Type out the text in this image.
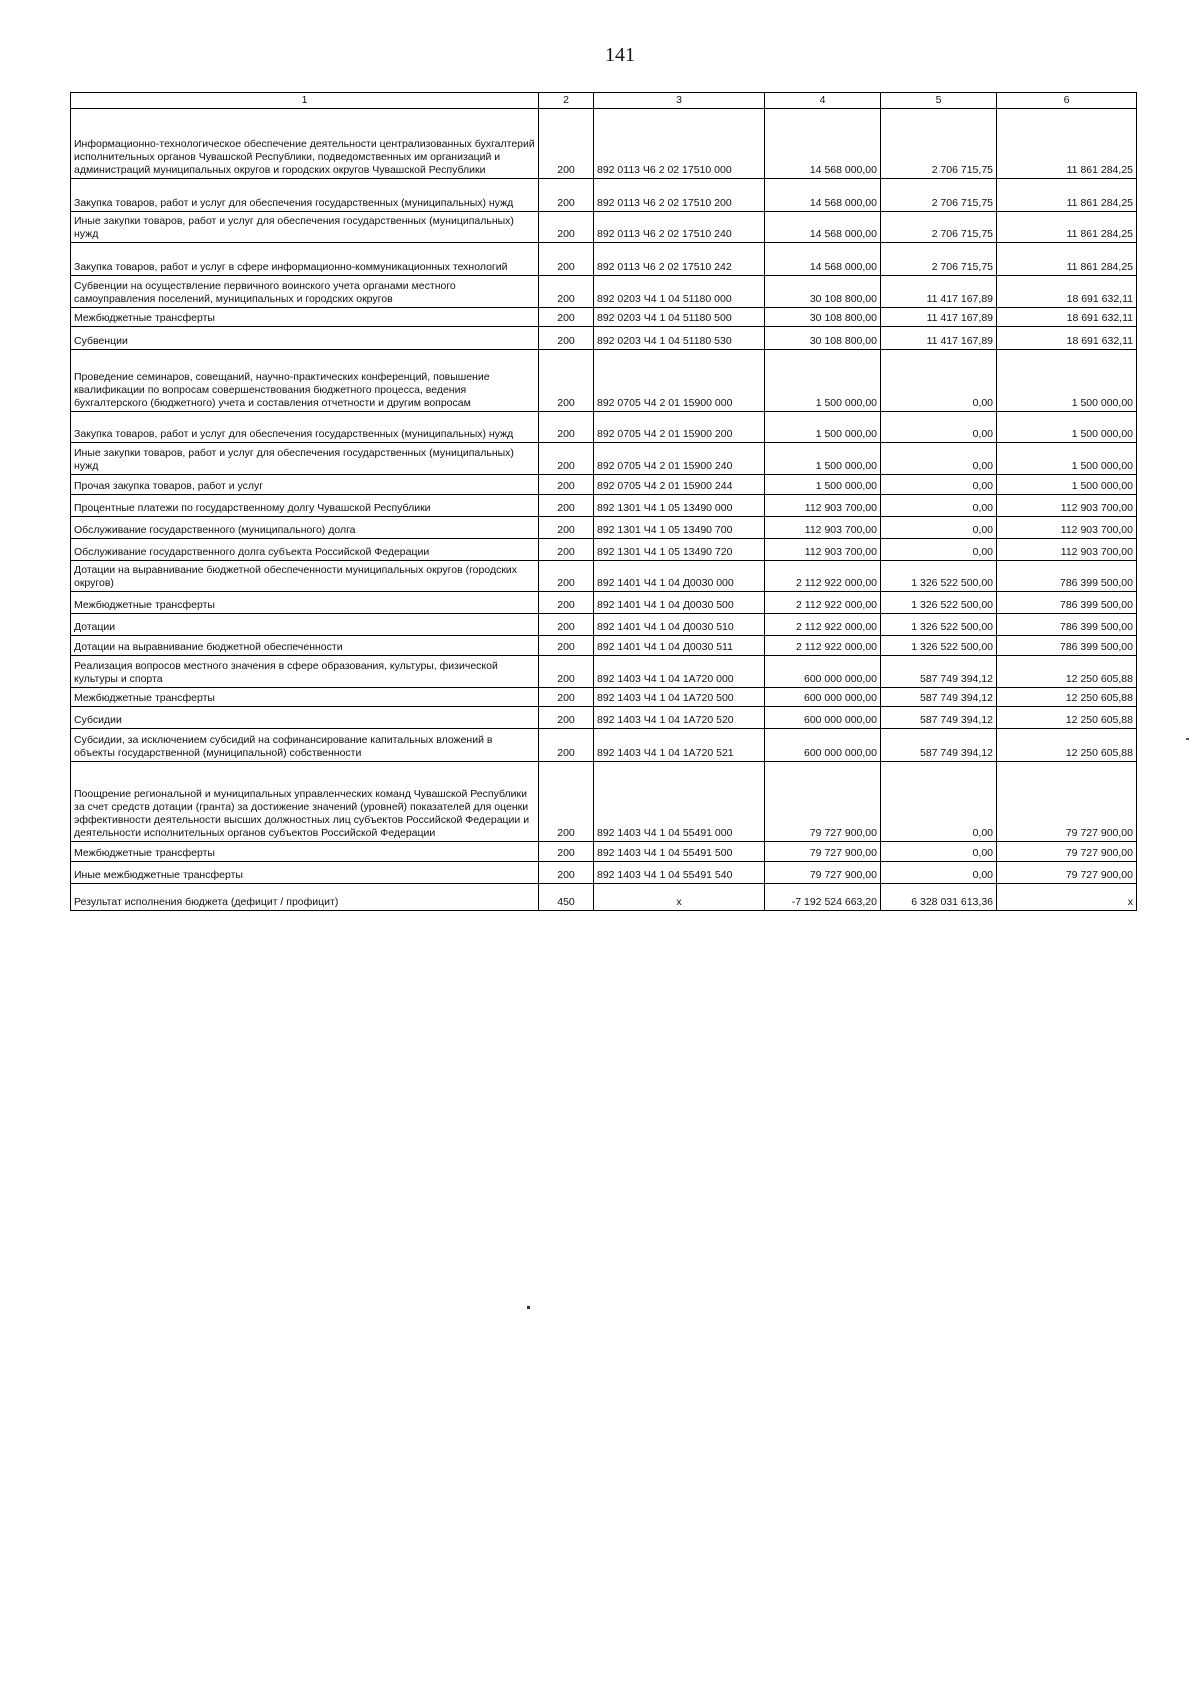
141
1	2	3	4	5	6
Информационно-технологическое обеспечение деятельности централизованных бухгалтерий исполнительных органов Чувашской Республики, подведомственных им организаций и администраций муниципальных округов и городских округов Чувашской Республики	200	892 0113 Ч6 2 02 17510 000	14 568 000,00	2 706 715,75	11 861 284,25
Закупка товаров, работ и услуг для обеспечения государственных (муниципальных) нужд	200	892 0113 Ч6 2 02 17510 200	14 568 000,00	2 706 715,75	11 861 284,25
Иные закупки товаров, работ и услуг для обеспечения государственных (муниципальных) нужд	200	892 0113 Ч6 2 02 17510 240	14 568 000,00	2 706 715,75	11 861 284,25
Закупка товаров, работ и услуг в сфере информационно-коммуникационных технологий	200	892 0113 Ч6 2 02 17510 242	14 568 000,00	2 706 715,75	11 861 284,25
Субвенции на осуществление первичного воинского учета органами местного самоуправления поселений, муниципальных и городских округов	200	892 0203 Ч4 1 04 51180 000	30 108 800,00	11 417 167,89	18 691 632,11
Межбюджетные трансферты	200	892 0203 Ч4 1 04 51180 500	30 108 800,00	11 417 167,89	18 691 632,11
Субвенции	200	892 0203 Ч4 1 04 51180 530	30 108 800,00	11 417 167,89	18 691 632,11
Проведение семинаров, совещаний, научно-практических конференций, повышение квалификации по вопросам совершенствования бюджетного процесса, ведения бухгалтерского (бюджетного) учета и составления отчетности и другим вопросам	200	892 0705 Ч4 2 01 15900 000	1 500 000,00	0,00	1 500 000,00
Закупка товаров, работ и услуг для обеспечения государственных (муниципальных) нужд	200	892 0705 Ч4 2 01 15900 200	1 500 000,00	0,00	1 500 000,00
Иные закупки товаров, работ и услуг для обеспечения государственных (муниципальных) нужд	200	892 0705 Ч4 2 01 15900 240	1 500 000,00	0,00	1 500 000,00
Прочая закупка товаров, работ и услуг	200	892 0705 Ч4 2 01 15900 244	1 500 000,00	0,00	1 500 000,00
Процентные платежи по государственному долгу Чувашской Республики	200	892 1301 Ч4 1 05 13490 000	112 903 700,00	0,00	112 903 700,00
Обслуживание государственного (муниципального) долга	200	892 1301 Ч4 1 05 13490 700	112 903 700,00	0,00	112 903 700,00
Обслуживание государственного долга субъекта Российской Федерации	200	892 1301 Ч4 1 05 13490 720	112 903 700,00	0,00	112 903 700,00
Дотации на выравнивание бюджетной обеспеченности муниципальных округов (городских округов)	200	892 1401 Ч4 1 04 Д0030 000	2 112 922 000,00	1 326 522 500,00	786 399 500,00
Межбюджетные трансферты	200	892 1401 Ч4 1 04 Д0030 500	2 112 922 000,00	1 326 522 500,00	786 399 500,00
Дотации	200	892 1401 Ч4 1 04 Д0030 510	2 112 922 000,00	1 326 522 500,00	786 399 500,00
Дотации на выравнивание бюджетной обеспеченности	200	892 1401 Ч4 1 04 Д0030 511	2 112 922 000,00	1 326 522 500,00	786 399 500,00
Реализация вопросов местного значения в сфере образования, культуры, физической культуры и спорта	200	892 1403 Ч4 1 04 1А720 000	600 000 000,00	587 749 394,12	12 250 605,88
Межбюджетные трансферты	200	892 1403 Ч4 1 04 1А720 500	600 000 000,00	587 749 394,12	12 250 605,88
Субсидии	200	892 1403 Ч4 1 04 1А720 520	600 000 000,00	587 749 394,12	12 250 605,88
Субсидии, за исключением субсидий на софинансирование капитальных вложений в объекты государственной (муниципальной) собственности	200	892 1403 Ч4 1 04 1А720 521	600 000 000,00	587 749 394,12	12 250 605,88
Поощрение региональной и муниципальных управленческих команд Чувашской Республики за счет средств дотации (гранта) за достижение значений (уровней) показателей для оценки эффективности деятельности высших должностных лиц субъектов Российской Федерации и деятельности исполнительных органов субъектов Российской Федерации	200	892 1403 Ч4 1 04 55491 000	79 727 900,00	0,00	79 727 900,00
Межбюджетные трансферты	200	892 1403 Ч4 1 04 55491 500	79 727 900,00	0,00	79 727 900,00
Иные межбюджетные трансферты	200	892 1403 Ч4 1 04 55491 540	79 727 900,00	0,00	79 727 900,00
Результат исполнения бюджета (дефицит / профицит)	450	x	-7 192 524 663,20	6 328 031 613,36	x
